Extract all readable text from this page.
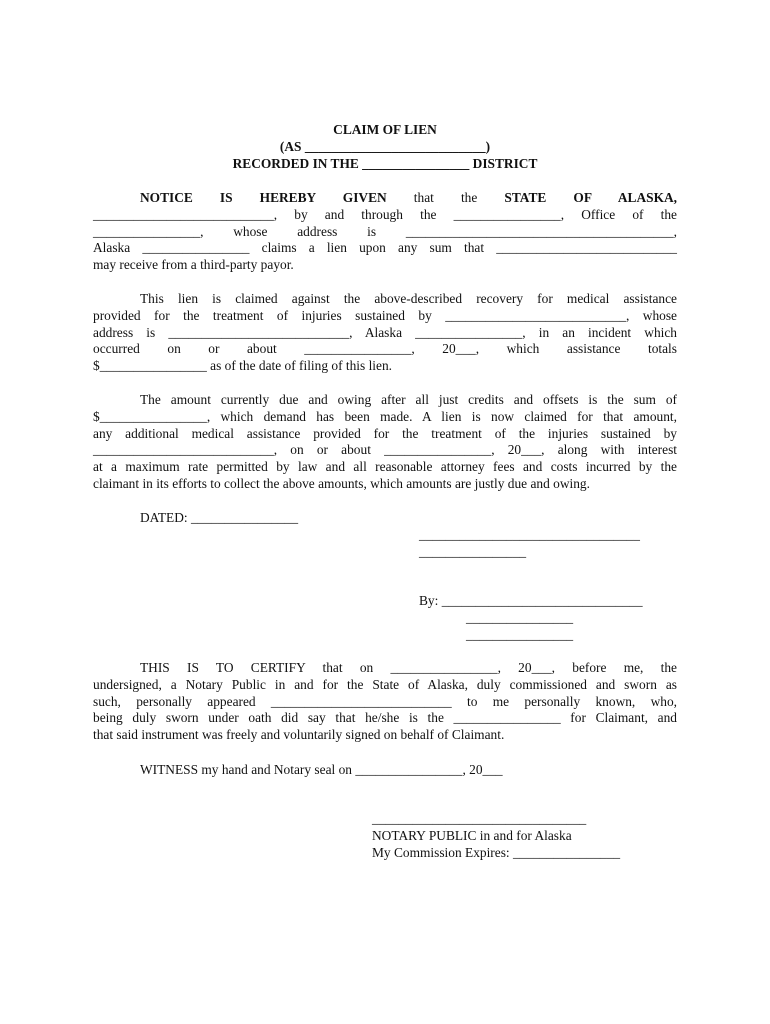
CLAIM OF LIEN
(AS ___________________________)
RECORDED IN THE ________________ DISTRICT
NOTICE IS HEREBY GIVEN that the STATE OF ALASKA,
___________________________, by and through the ________________, Office of the
________________, whose address is ________________________________________,
Alaska ________________ claims a lien upon any sum that ___________________________
may receive from a third-party payor.
This lien is claimed against the above-described recovery for medical assistance
provided for the treatment of injuries sustained by ___________________________, whose
address is ___________________________, Alaska ________________, in an incident which
occurred on or about ________________, 20___, which assistance totals
$________________ as of the date of filing of this lien.
The amount currently due and owing after all just credits and offsets is the sum of
$________________, which demand has been made. A lien is now claimed for that amount,
any additional medical assistance provided for the treatment of the injuries sustained by
___________________________, on or about ________________, 20___, along with interest
at a maximum rate permitted by law and all reasonable attorney fees and costs incurred by the
claimant in its efforts to collect the above amounts, which amounts are justly due and owing.
DATED: ________________
_________________________________
________________
By: ______________________________
________________
________________
THIS IS TO CERTIFY that on ________________, 20___, before me, the
undersigned, a Notary Public in and for the State of Alaska, duly commissioned and sworn as
such, personally appeared ___________________________ to me personally known, who,
being duly sworn under oath did say that he/she is the ________________ for Claimant, and
that said instrument was freely and voluntarily signed on behalf of Claimant.
WITNESS my hand and Notary seal on ________________, 20___
________________________________
NOTARY PUBLIC in and for Alaska
My Commission Expires: ________________
